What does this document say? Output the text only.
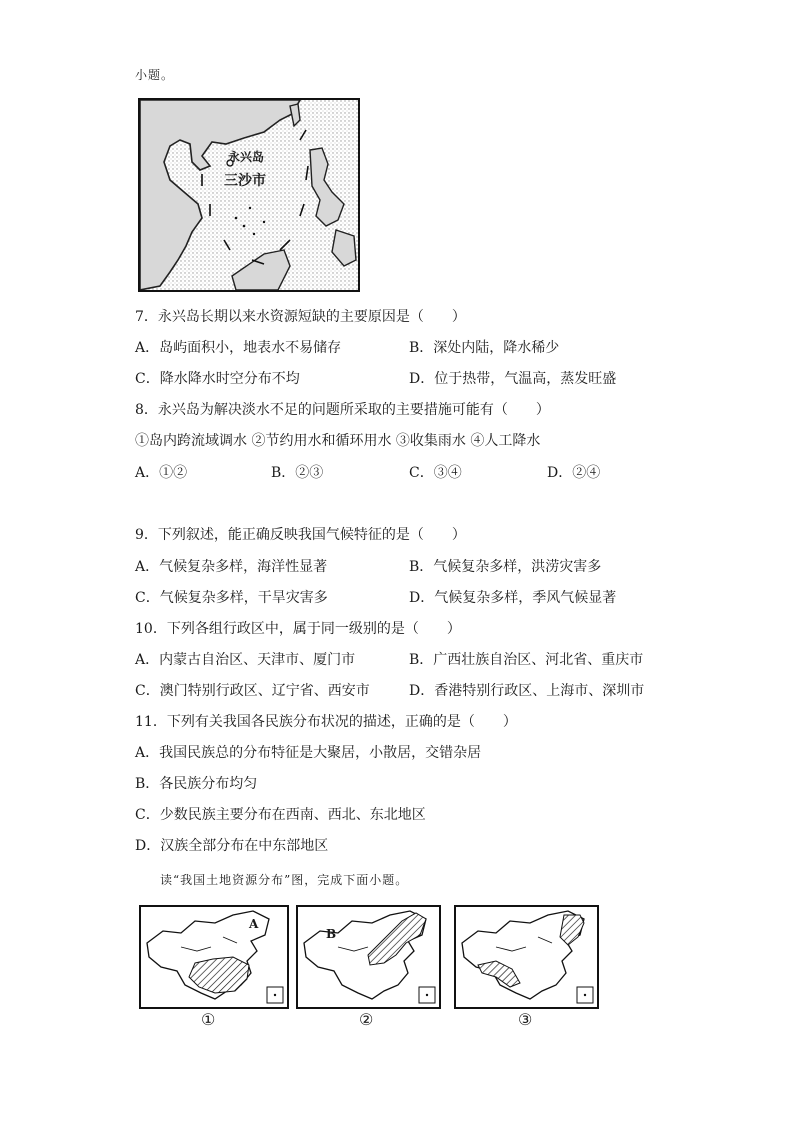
小题。
永兴岛
三沙市
7．永兴岛长期以来水资源短缺的主要原因是（　　）
A．岛屿面积小，地表水不易储存	B．深处内陆，降水稀少
C．降水降水时空分布不均	D．位于热带，气温高，蒸发旺盛
8．永兴岛为解决淡水不足的问题所采取的主要措施可能有（　　）
①岛内跨流域调水 ②节约用水和循环用水 ③收集雨水 ④人工降水
A．①②	B．②③	C．③④	D．②④
9．下列叙述，能正确反映我国气候特征的是（　　）
A．气候复杂多样，海洋性显著	B．气候复杂多样，洪涝灾害多
C．气候复杂多样，干旱灾害多	D．气候复杂多样，季风气候显著
10．下列各组行政区中，属于同一级别的是（　　）
A．内蒙古自治区、天津市、厦门市	B．广西壮族自治区、河北省、重庆市
C．澳门特别行政区、辽宁省、西安市	D．香港特别行政区、上海市、深圳市
11．下列有关我国各民族分布状况的描述，正确的是（　　）
A．我国民族总的分布特征是大聚居，小散居，交错杂居
B．各民族分布均匀
C．少数民族主要分布在西南、西北、东北地区
D．汉族全部分布在中东部地区
读“我国土地资源分布”图，完成下面小题。
A
①
B
②	③
